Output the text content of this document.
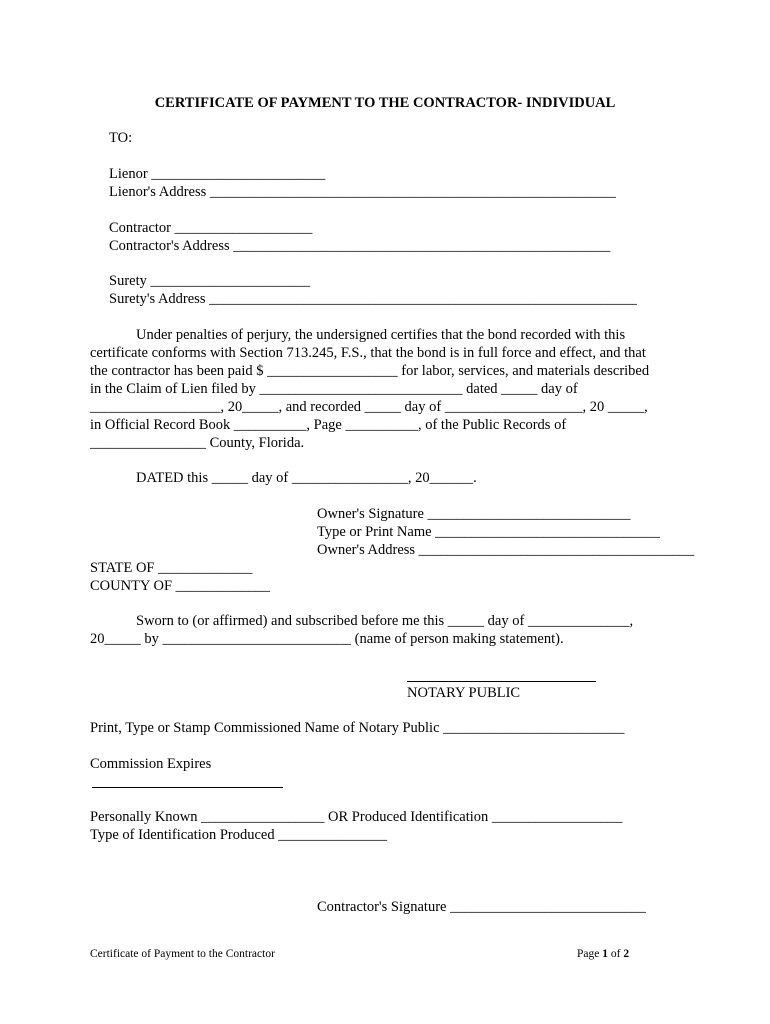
CERTIFICATE OF PAYMENT TO THE CONTRACTOR- INDIVIDUAL
TO:
Lienor ________________________
Lienor's Address ________________________________________________________
Contractor ___________________
Contractor's Address ____________________________________________________
Surety ______________________
Surety's Address ___________________________________________________________
Under penalties of perjury, the undersigned certifies that the bond recorded with this
certificate conforms with Section 713.245, F.S., that the bond is in full force and effect, and that
the contractor has been paid $ __________________ for labor, services, and materials described
in the Claim of Lien filed by ____________________________ dated _____ day of
__________________, 20_____, and recorded _____ day of ___________________, 20 _____,
in Official Record Book __________, Page __________, of the Public Records of
________________ County, Florida.
DATED this _____ day of ________________, 20______.
Owner's Signature ____________________________
Type or Print Name _______________________________
Owner's Address ______________________________________
STATE OF _____________
COUNTY OF _____________
Sworn to (or affirmed) and subscribed before me this _____ day of ______________,
20_____ by __________________________ (name of person making statement).
NOTARY PUBLIC
Print, Type or Stamp Commissioned Name of Notary Public _________________________
Commission Expires
Personally Known _________________ OR Produced Identification __________________
Type of Identification Produced _______________
Contractor's Signature ___________________________
Certificate of Payment to the Contractor	Page 1 of 2
